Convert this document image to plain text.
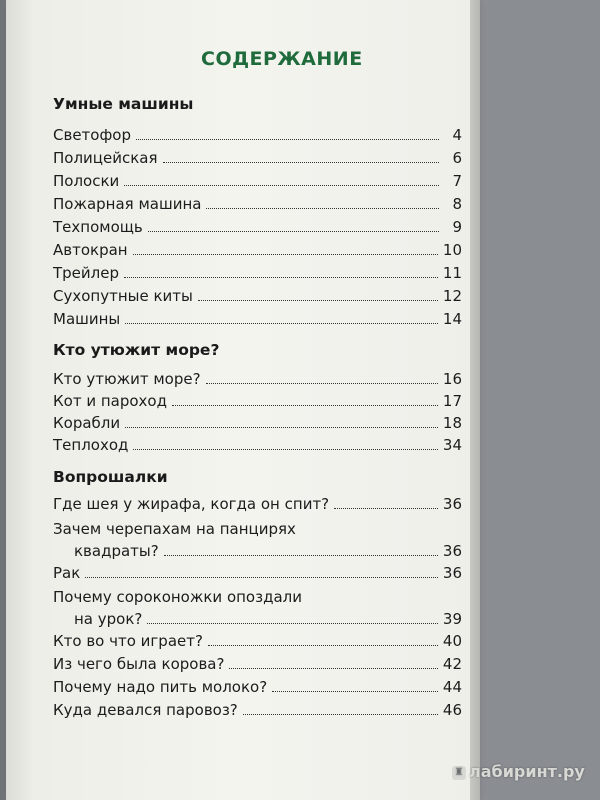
СОДЕРЖАНИЕ
Умные машины
Светофор	4
Полицейская	6
Полоски	7
Пожарная машина	8
Техпомощь	9
Автокран	10
Трейлер	11
Сухопутные киты	12
Машины	14
Кто утюжит море?
Кто утюжит море?	16
Кот и пароход	17
Корабли	18
Теплоход	34
Вопрошалки
Где шея у жирафа, когда он спит?	36
Зачем черепахам на панцирях
квадраты?	36
Рак	36
Почему сороконожки опоздали
на урок?	39
Кто во что играет?	40
Из чего была корова?	42
Почему надо пить молоко?	44
Куда девался паровоз?	46
♜ лабиринт.ру
